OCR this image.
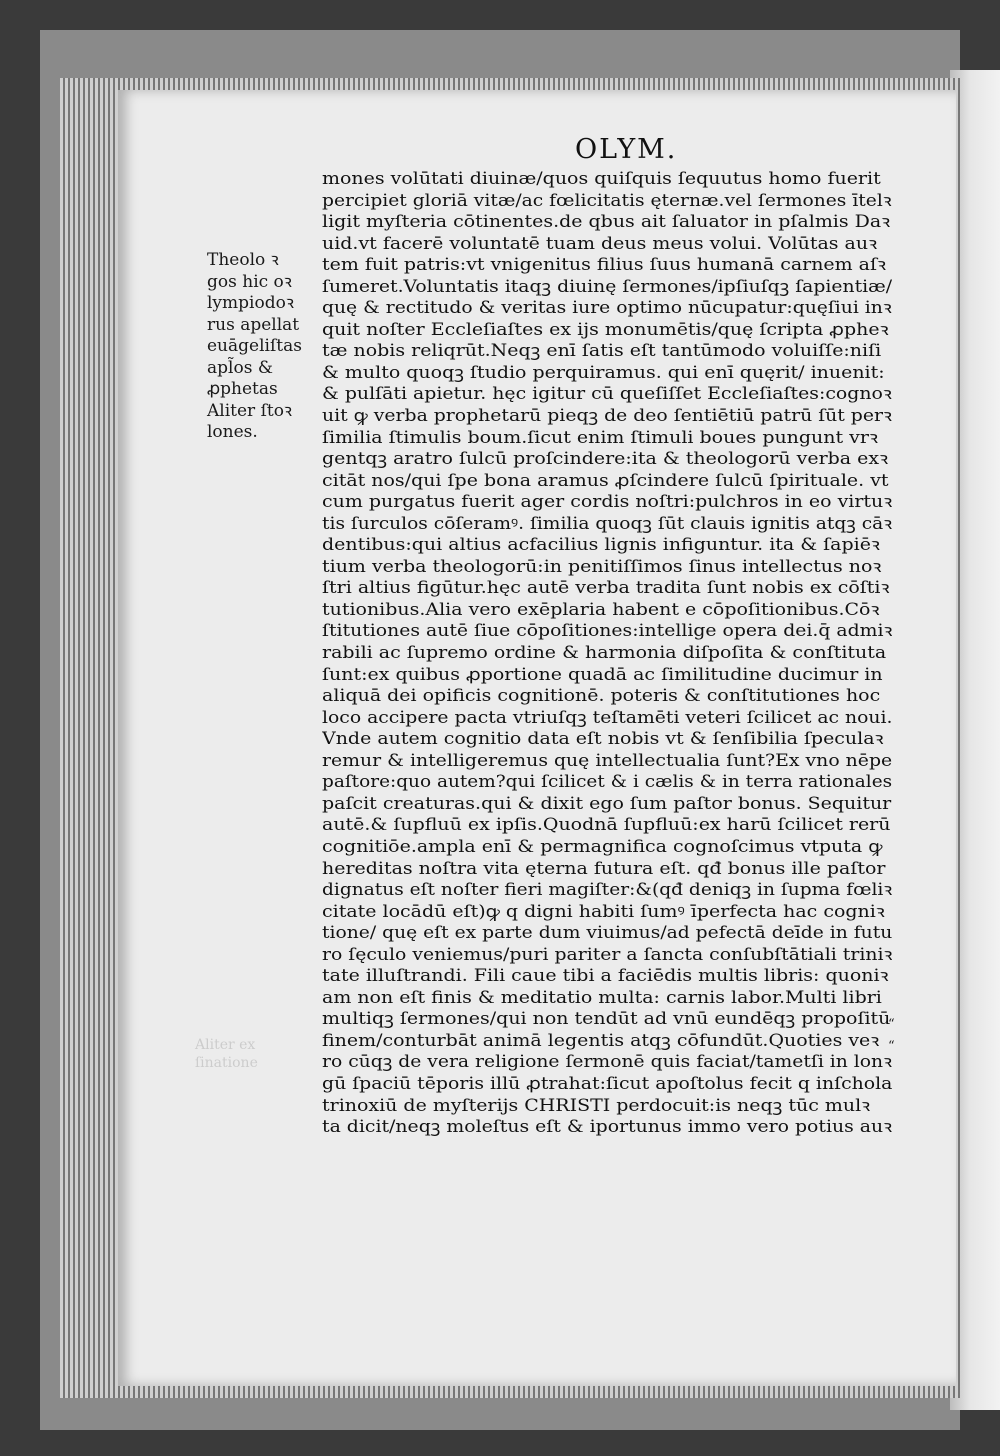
OLYM.
Theolo ꝛ
gos hic oꝛ
lympiodoꝛ
rus apellat
euāgeliſtas
apl̃os &
ꝓphetas
Aliter ſtoꝛ
lones.
Aliter ex
ſinatione
“
“
mones volūtati diuinæ/quos quiſquis ſequutus homo fuerit
percipiet gloriā vitæ/ac fœlicitatis ęternæ.vel ſermones ītelꝛ
ligit myſteria cōtinentes.de qbus ait ſaluator in pſalmis Daꝛ
uid.vt facerē voluntatē tuam deus meus volui. Volūtas auꝛ
tem fuit patris:vt vnigenitus filius ſuus humanā carnem aſꝛ
ſumeret.Voluntatis itaqꝫ diuinę ſermones/ipſiuſqꝫ ſapientiæ/
quę & rectitudo & veritas iure optimo nūcupatur:quęſiui inꝛ
quit noſter Eccleſiaſtes ex ijs monumētis/quę ſcripta ꝓpheꝛ
tæ nobis reliqrūt.Neqꝫ enī ſatis eſt tantūmodo voluiſſe:niſi
& multo quoqꝫ ſtudio perquiramus. qui enī quęrit/ inuenit:
& pulſāti apietur. hęc igitur cū queſiſſet Eccleſiaſtes:cognoꝛ
uit ꝙ verba prophetarū pieqꝫ de deo ſentiētiū patrū ſūt perꝛ
ſimilia ſtimulis boum.ſicut enim ſtimuli boues pungunt vrꝛ
gentqꝫ aratro ſulcū proſcindere:ita & theologorū verba exꝛ
citāt nos/qui ſpe bona aramus ꝓſcindere ſulcū ſpirituale. vt
cum purgatus fuerit ager cordis noſtri:pulchros in eo virtuꝛ
tis ſurculos cōſeramꝰ. ſimilia quoqꝫ ſūt clauis ignitis atqꝫ cāꝛ
dentibus:qui altius acfacilius lignis infiguntur. ita & ſapiēꝛ
tium verba theologorū:in penitiſſimos ſinus intellectus noꝛ
ſtri altius figūtur.hęc autē verba tradita ſunt nobis ex cōſtiꝛ
tutionibus.Alia vero exēplaria habent e cōpoſitionibus.Cōꝛ
ſtitutiones autē ſiue cōpoſitiones:intellige opera dei.q̄ admiꝛ
rabili ac ſupremo ordine & harmonia diſpoſita & conſtituta
ſunt:ex quibus ꝓportione quadā ac ſimilitudine ducimur in
aliquā dei opificis cognitionē. poteris & conſtitutiones hoc
loco accipere pacta vtriuſqꝫ teſtamēti veteri ſcilicet ac noui.
Vnde autem cognitio data eſt nobis vt & ſenſibilia ſpeculaꝛ
remur & intelligeremus quę intellectualia ſunt?Ex vno nēpe
paſtore:quo autem?qui ſcilicet & i cælis & in terra rationales
paſcit creaturas.qui & dixit ego ſum paſtor bonus. Sequitur
autē.& ſupfluū ex ipſis.Quodnā ſupfluū:ex harū ſcilicet rerū
cognitiōe.ampla enī & permagnifica cognoſcimus vtputa ꝙ
hereditas noſtra vita ęterna futura eſt. qđ bonus ille paſtor
dignatus eſt noſter fieri magiſter:&(qđ deniqꝫ in ſupma fœliꝛ
citate locādū eſt)ꝙ q digni habiti ſumꝰ īperfecta hac cogniꝛ
tione/ quę eſt ex parte dum viuimus/ad pefectā deīde in futu
ro ſęculo veniemus/puri pariter a ſancta conſubſtātiali triniꝛ
tate illuſtrandi. Fili caue tibi a faciēdis multis libris: quoniꝛ
am non eſt finis & meditatio multa: carnis labor.Multi libri
multiqꝫ ſermones/qui non tendūt ad vnū eundēqꝫ propoſitū
finem/conturbāt animā legentis atqꝫ cōfundūt.Quoties veꝛ
ro cūqꝫ de vera religione ſermonē quis faciat/tametſi in lonꝛ
gū ſpaciū tēporis illū ꝓtrahat:ſicut apoſtolus fecit q inſchola
trinoxiū de myſterijs CHRISTI perdocuit:is neqꝫ tūc mulꝛ
ta dicit/neqꝫ moleſtus eſt & iportunus immo vero potius auꝛ
